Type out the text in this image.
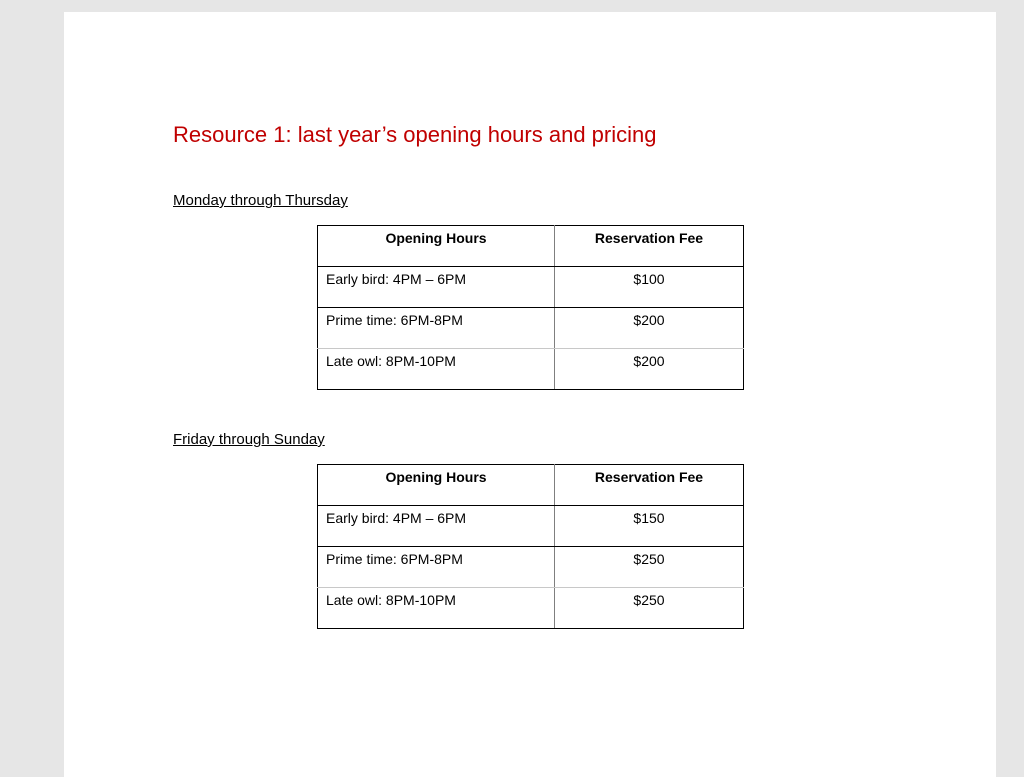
Resource 1: last year’s opening hours and pricing

Monday through Thursday

Opening Hours	Reservation Fee
Early bird: 4PM – 6PM	$100
Prime time: 6PM-8PM	$200
Late owl: 8PM-10PM	$200

Friday through Sunday

Opening Hours	Reservation Fee
Early bird: 4PM – 6PM	$150
Prime time: 6PM-8PM	$250
Late owl: 8PM-10PM	$250
